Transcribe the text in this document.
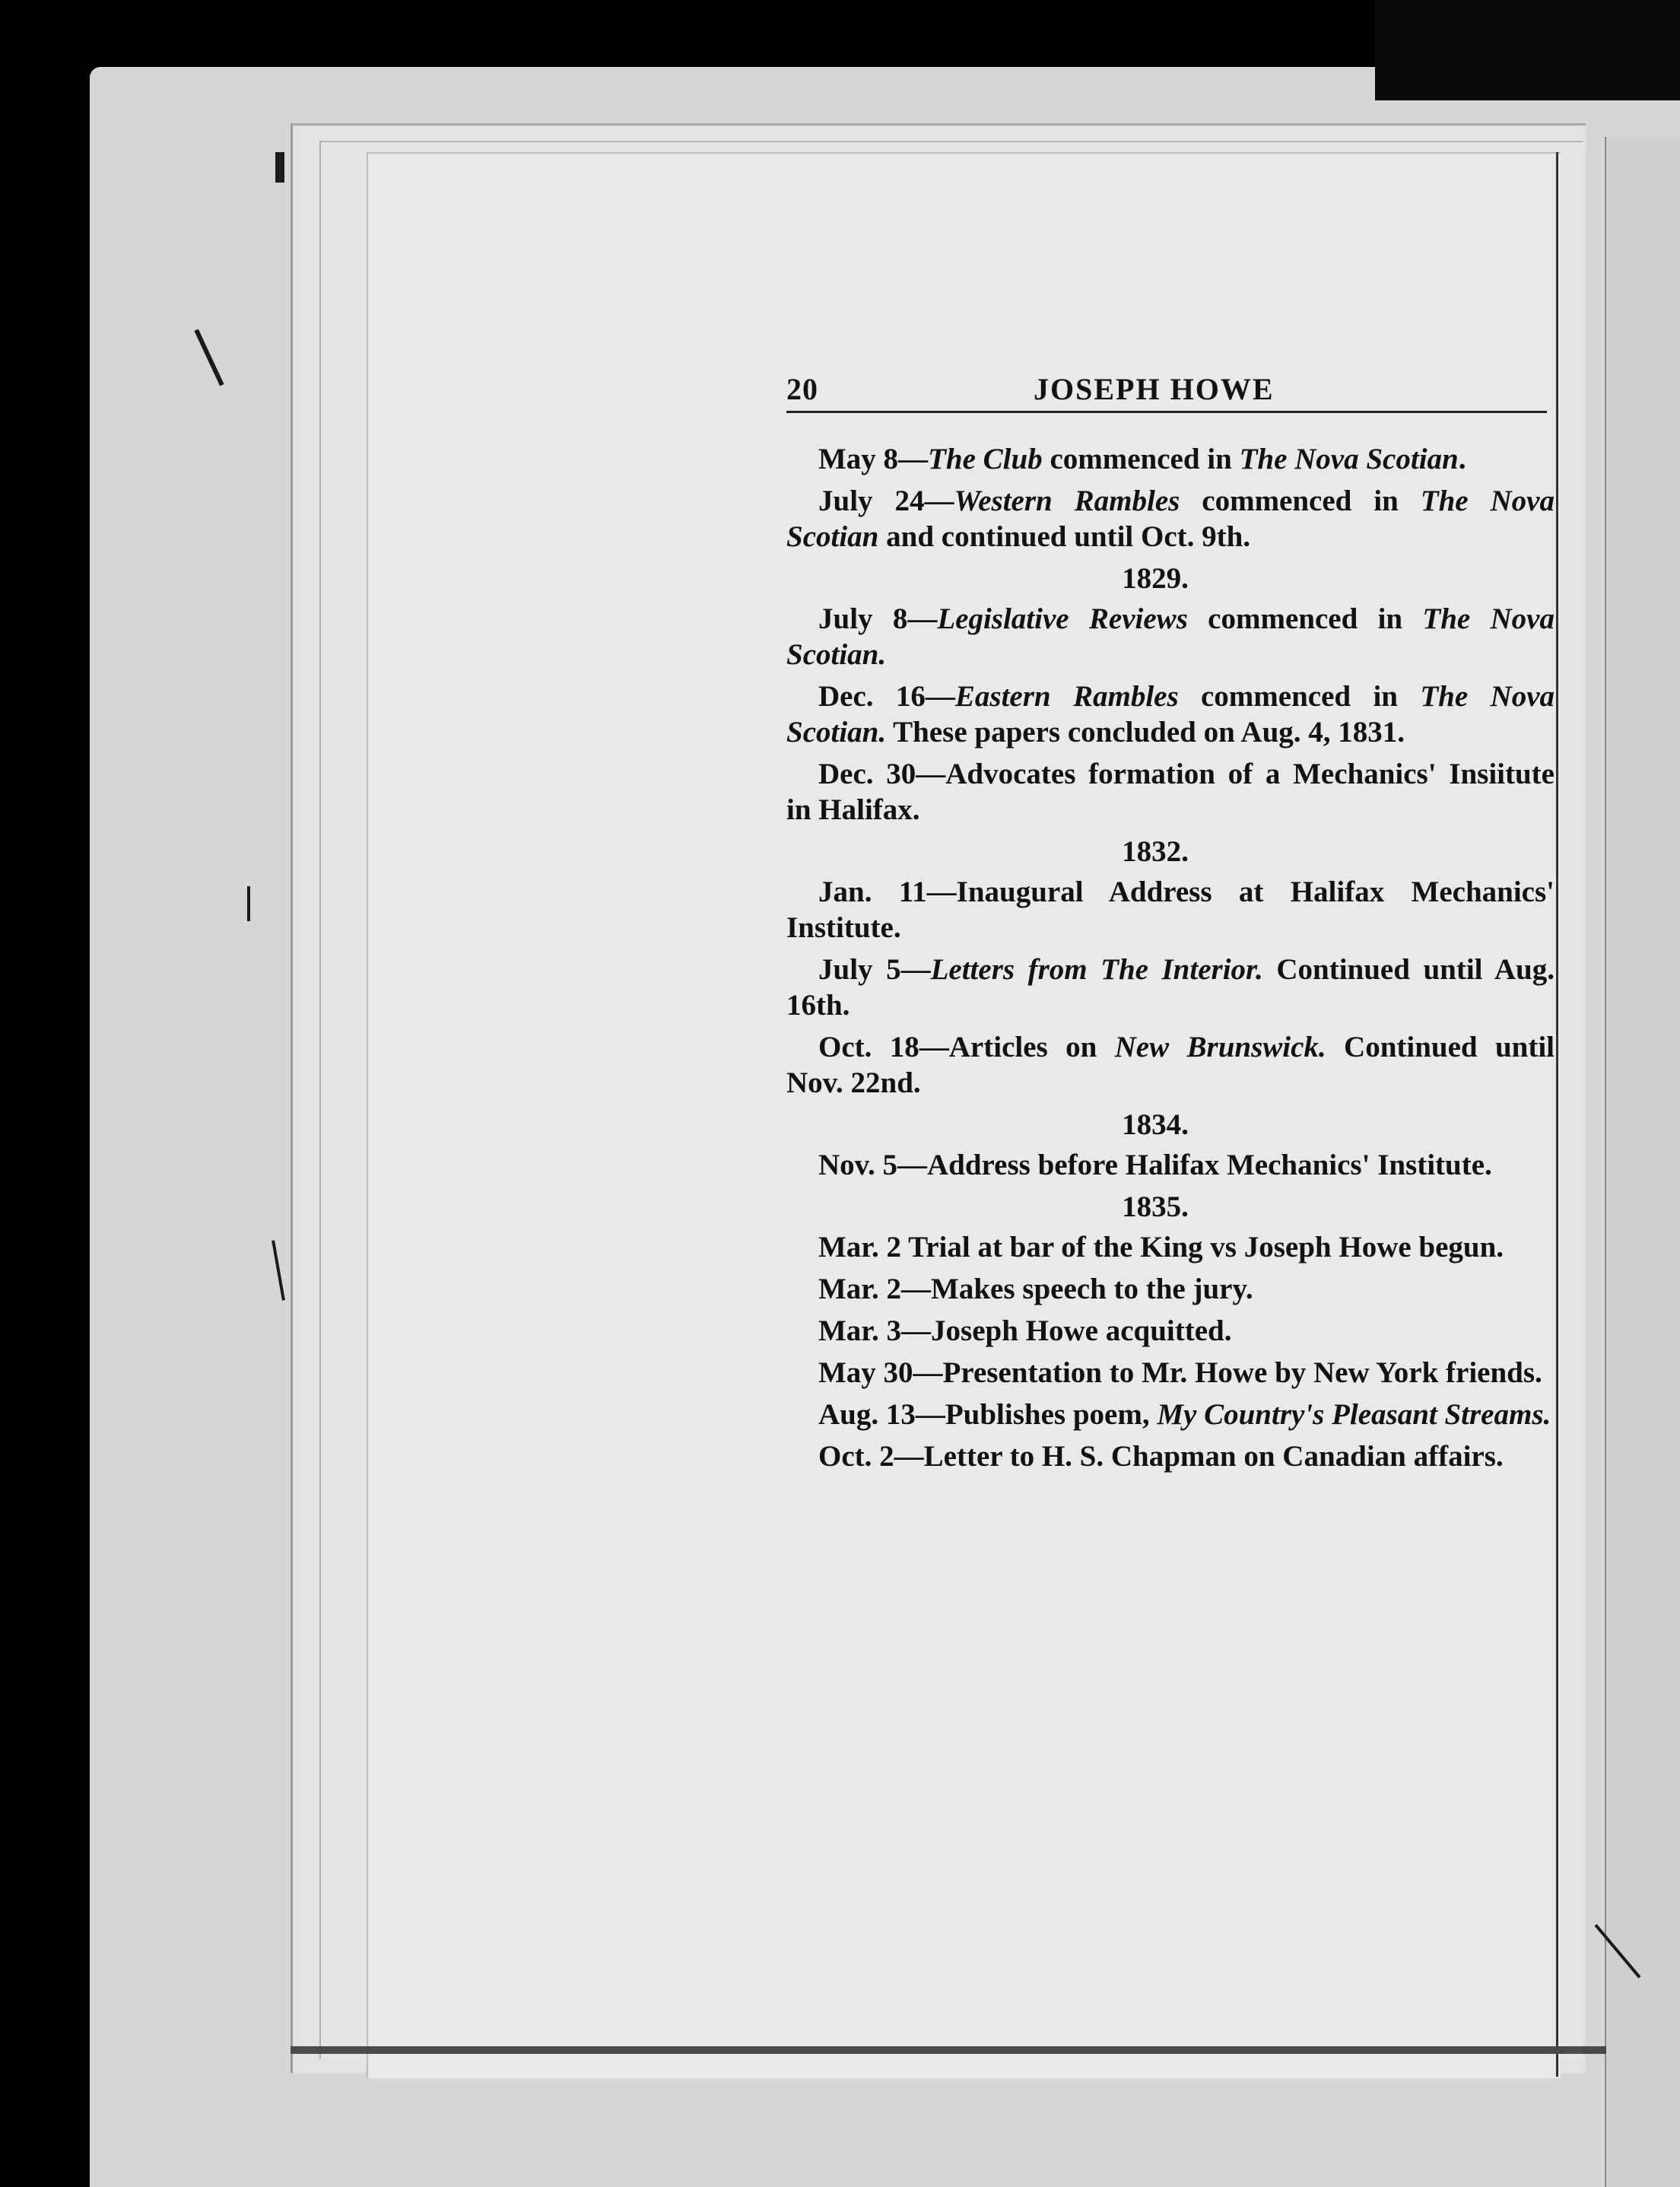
20	JOSEPH HOWE

May 8—The Club commenced in The Nova Scotian.

July 24—Western Rambles commenced in The Nova Scotian and continued until Oct. 9th.

1829.

July 8—Legislative Reviews commenced in The Nova Scotian.

Dec. 16—Eastern Rambles commenced in The Nova Scotian. These papers concluded on Aug. 4, 1831.

Dec. 30—Advocates formation of a Mechanics' Insiitute in Halifax.

1832.

Jan. 11—Inaugural Address at Halifax Mechanics' Institute.

July 5—Letters from The Interior. Continued until Aug. 16th.

Oct. 18—Articles on New Brunswick. Continued until Nov. 22nd.

1834.

Nov. 5—Address before Halifax Mechanics' Institute.

1835.

Mar. 2 Trial at bar of the King vs Joseph Howe begun.

Mar. 2—Makes speech to the jury.

Mar. 3—Joseph Howe acquitted.

May 30—Presentation to Mr. Howe by New York friends.

Aug. 13—Publishes poem, My Country's Pleasant Streams.

Oct. 2—Letter to H. S. Chapman on Canadian affairs.
